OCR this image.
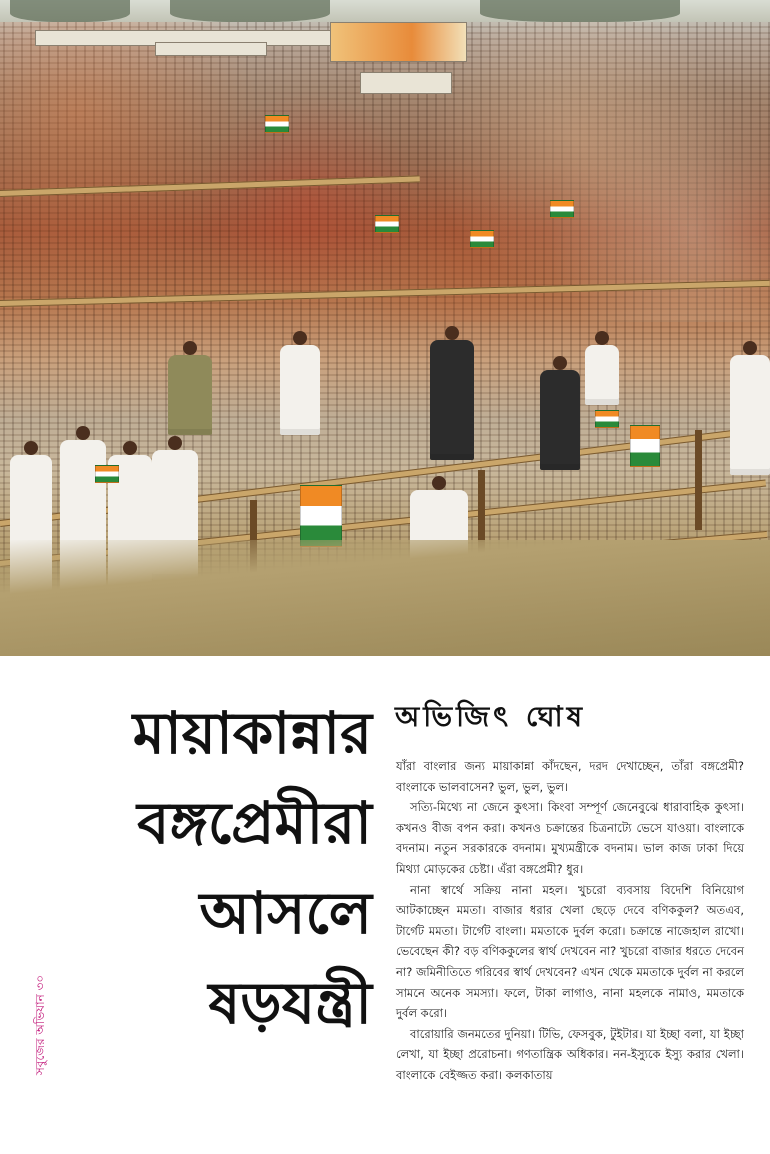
সবুজের অভিযান ৩০
মায়াকান্নার
বঙ্গপ্রেমীরা
আসলে
ষড়যন্ত্রী
অভিজিৎ ঘোষ

যাঁরা বাংলার জন্য মায়াকান্না কাঁদছেন, দরদ দেখাচ্ছেন, তাঁরা বঙ্গপ্রেমী? বাংলাকে ভালবাসেন? ভুল, ভুল, ভুল।

সত্যি-মিথ্যে না জেনে কুৎসা। কিংবা সম্পূর্ণ জেনেবুঝে ধারাবাহিক কুৎসা। কখনও বীজ বপন করা। কখনও চক্রান্তের চিত্রনাট্যে ভেসে যাওয়া। বাংলাকে বদনাম। নতুন সরকারকে বদনাম। মুখ্যমন্ত্রীকে বদনাম। ভাল কাজ ঢাকা দিয়ে মিথ্যা মোড়কের চেষ্টা। এঁরা বঙ্গপ্রেমী? ধুর।

নানা স্বার্থে সক্রিয় নানা মহল। খুচরো ব্যবসায় বিদেশি বিনিয়োগ আটকাচ্ছেন মমতা। বাজার ধরার খেলা ছেড়ে দেবে বণিককুল? অতএব, টার্গেট মমতা। টার্গেট বাংলা। মমতাকে দুর্বল করো। চক্রান্তে নাজেহাল রাখো। ভেবেছেন কী? বড় বণিককুলের স্বার্থ দেখবেন না? খুচরো বাজার ধরতে দেবেন না? জমিনীতিতে গরিবের স্বার্থ দেখবেন? এখন থেকে মমতাকে দুর্বল না করলে সামনে অনেক সমস্যা। ফলে, টাকা লাগাও, নানা মহলকে নামাও, মমতাকে দুর্বল করো।

বারোয়ারি জনমতের দুনিয়া। টিভি, ফেসবুক, টুইটার। যা ইচ্ছা বলা, যা ইচ্ছা লেখা, যা ইচ্ছা প্ররোচনা। গণতান্ত্রিক অধিকার। নন-ইস্যুকে ইস্যু করার খেলা। বাংলাকে বেইজ্জত করা। কলকাতায়
